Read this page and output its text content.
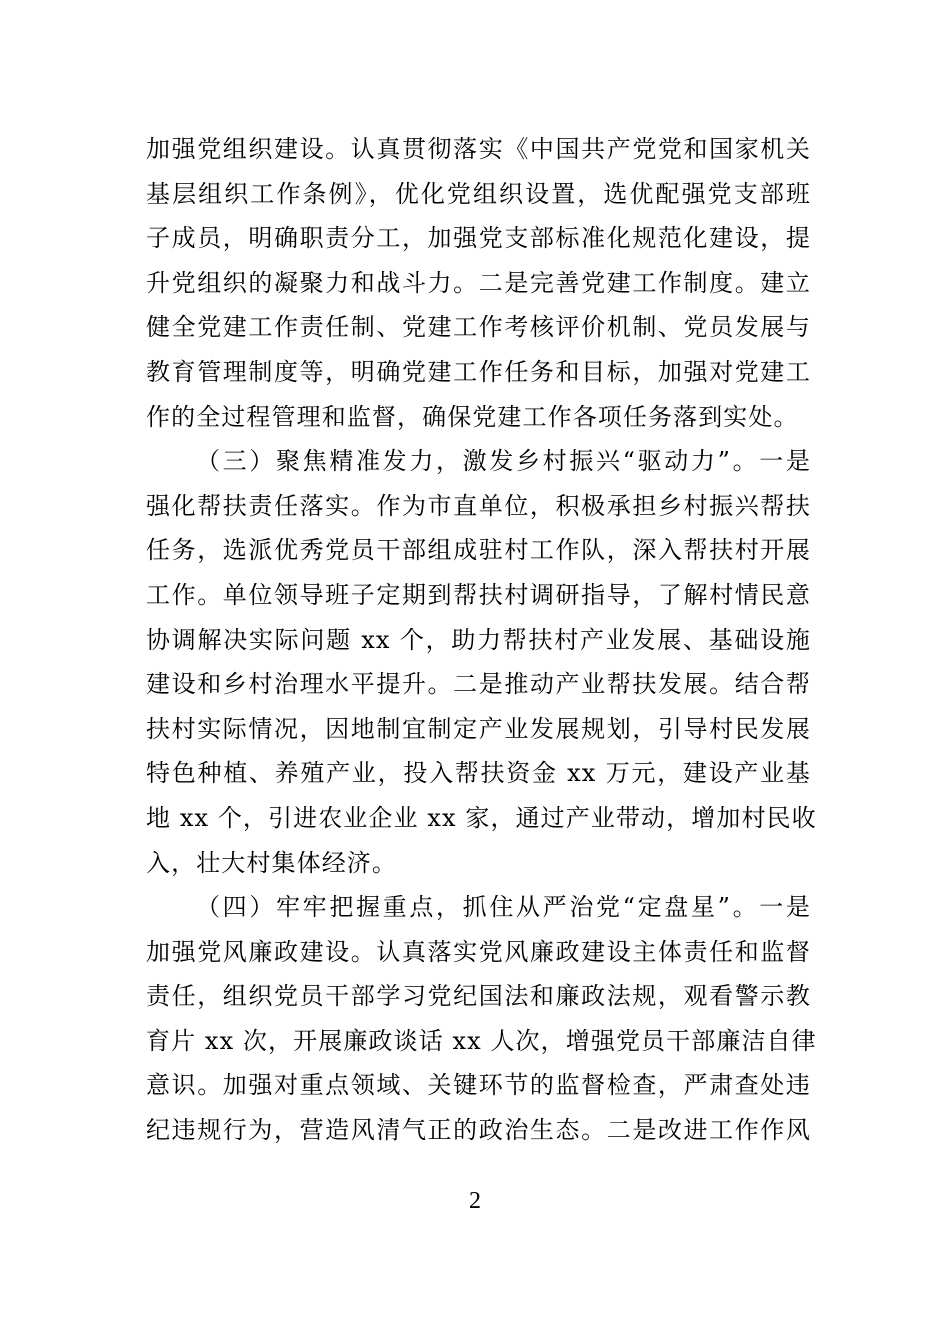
加强党组织建设。认真贯彻落实《中国共产党党和国家机关
基层组织工作条例》，优化党组织设置，选优配强党支部班
子成员，明确职责分工，加强党支部标准化规范化建设，提
升党组织的凝聚力和战斗力。二是完善党建工作制度。建立
健全党建工作责任制、党建工作考核评价机制、党员发展与
教育管理制度等，明确党建工作任务和目标，加强对党建工
作的全过程管理和监督，确保党建工作各项任务落到实处。
（三）聚焦精准发力，激发乡村振兴“驱动力”。一是
强化帮扶责任落实。作为市直单位，积极承担乡村振兴帮扶
任务，选派优秀党员干部组成驻村工作队，深入帮扶村开展
工作。单位领导班子定期到帮扶村调研指导，了解村情民意
协调解决实际问题 xx 个，助力帮扶村产业发展、基础设施
建设和乡村治理水平提升。二是推动产业帮扶发展。结合帮
扶村实际情况，因地制宜制定产业发展规划，引导村民发展
特色种植、养殖产业，投入帮扶资金 xx 万元，建设产业基
地 xx 个，引进农业企业 xx 家，通过产业带动，增加村民收
入，壮大村集体经济。
（四）牢牢把握重点，抓住从严治党“定盘星”。一是
加强党风廉政建设。认真落实党风廉政建设主体责任和监督
责任，组织党员干部学习党纪国法和廉政法规，观看警示教
育片 xx 次，开展廉政谈话 xx 人次，增强党员干部廉洁自律
意识。加强对重点领域、关键环节的监督检查，严肃查处违
纪违规行为，营造风清气正的政治生态。二是改进工作作风
2
